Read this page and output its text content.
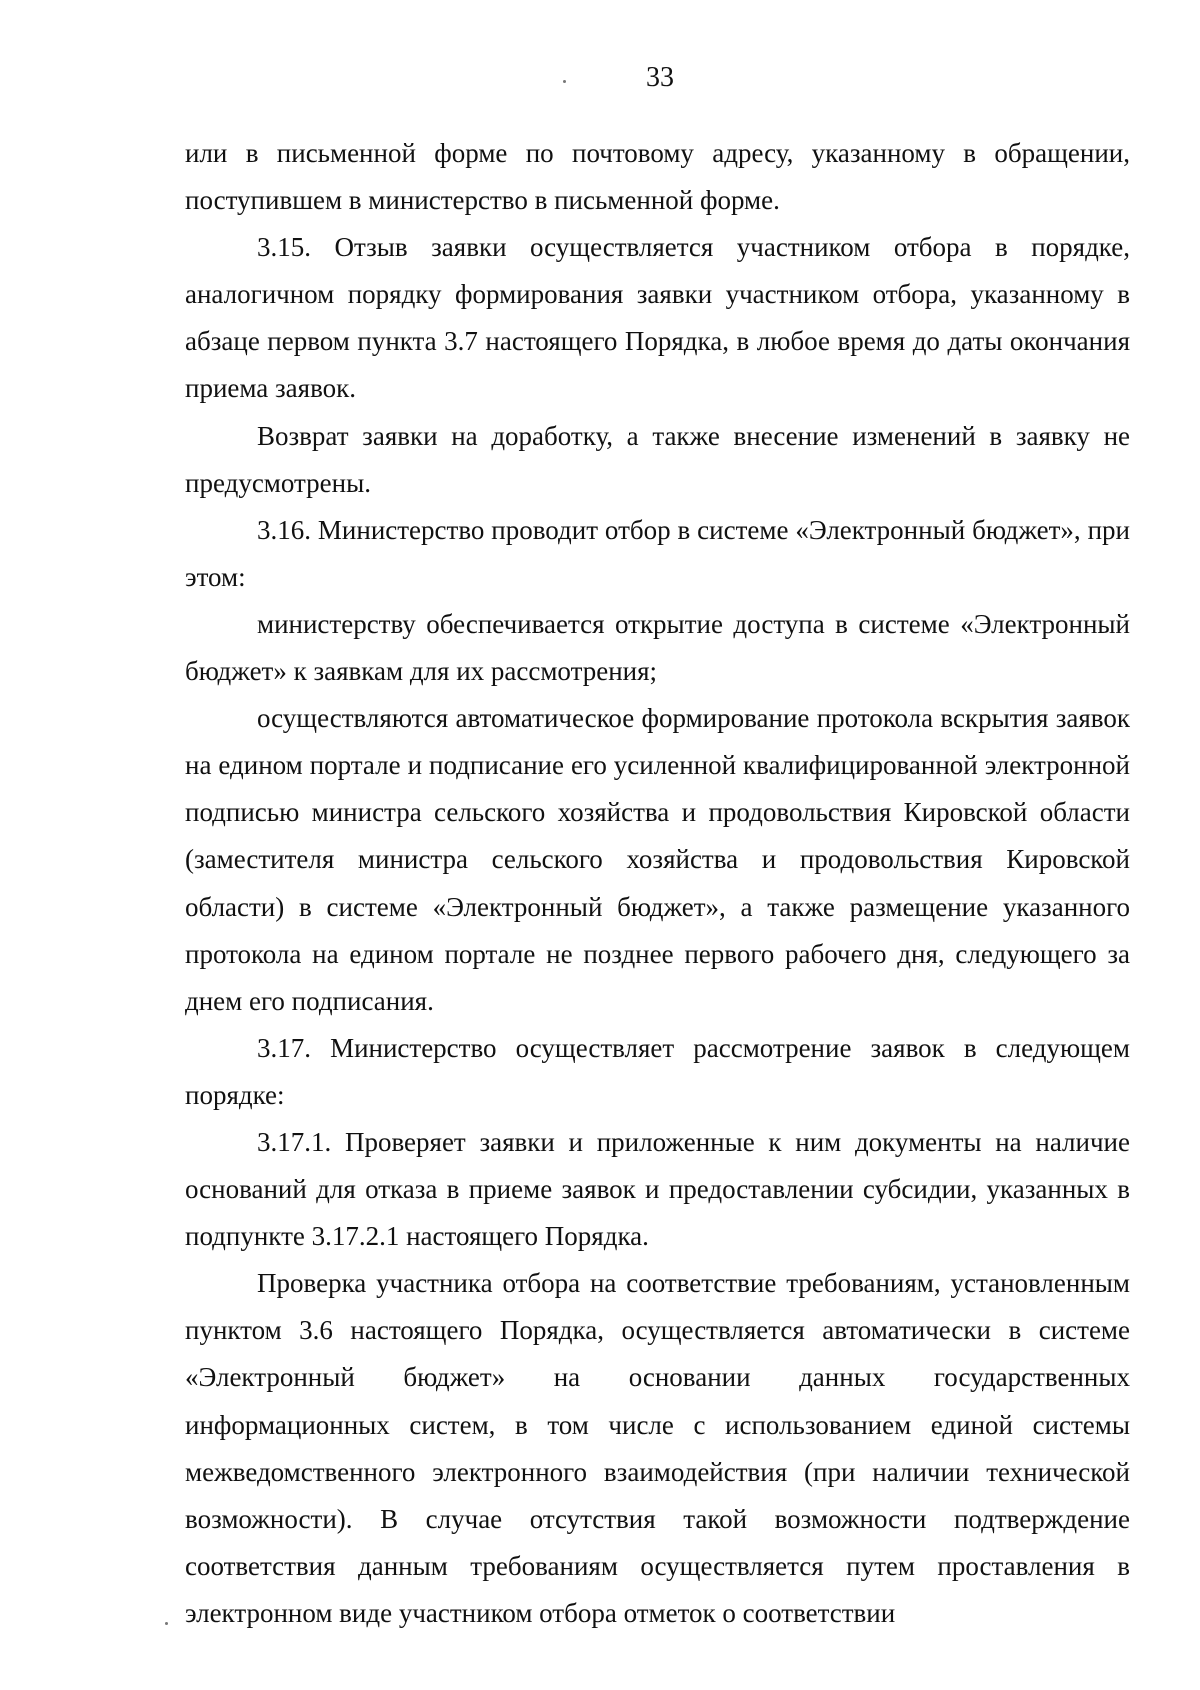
33

или в письменной форме по почтовому адресу, указанному в обращении, поступившем в министерство в письменной форме.

3.15. Отзыв заявки осуществляется участником отбора в порядке, аналогичном порядку формирования заявки участником отбора, указанному в абзаце первом пункта 3.7 настоящего Порядка, в любое время до даты окончания приема заявок.

Возврат заявки на доработку, а также внесение изменений в заявку не предусмотрены.

3.16. Министерство проводит отбор в системе «Электронный бюджет», при этом:

министерству обеспечивается открытие доступа в системе «Электронный бюджет» к заявкам для их рассмотрения;

осуществляются автоматическое формирование протокола вскрытия заявок на едином портале и подписание его усиленной квалифицированной электронной подписью министра сельского хозяйства и продовольствия Кировской области (заместителя министра сельского хозяйства и продовольствия Кировской области) в системе «Электронный бюджет», а также размещение указанного протокола на едином портале не позднее первого рабочего дня, следующего за днем его подписания.

3.17. Министерство осуществляет рассмотрение заявок в следующем порядке:

3.17.1. Проверяет заявки и приложенные к ним документы на наличие оснований для отказа в приеме заявок и предоставлении субсидии, указанных в подпункте 3.17.2.1 настоящего Порядка.

Проверка участника отбора на соответствие требованиям, установленным пунктом 3.6 настоящего Порядка, осуществляется автоматически в системе «Электронный бюджет» на основании данных государственных информационных систем, в том числе с использованием единой системы межведомственного электронного взаимодействия (при наличии технической возможности). В случае отсутствия такой возможности подтверждение соответствия данным требованиям осуществляется путем проставления в электронном виде участником отбора отметок о соответствии
